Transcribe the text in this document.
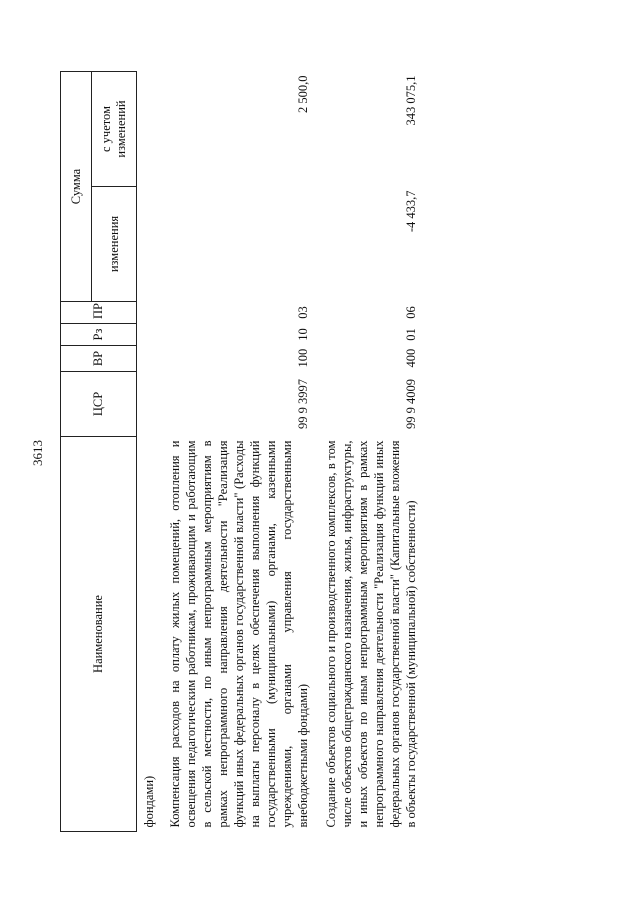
3613
Наименование	ЦСР	ВР	Рз	ПР	Сумма	
					изменения	с учетом изменений
фондами)						
Компенсация расходов на оплату жилых помещений, отопления и освещения педагогическим работникам, проживающим и работающим в сельской местности, по иным непрограммным мероприятиям в рамках непрограммного направления деятельности "Реализация функций иных федеральных органов государственной власти" (Расходы на выплаты персоналу в целях обеспечения выполнения функций государственными (муниципальными) органами, казенными учреждениями, органами управления государственными внебюджетными фондами)	99 9 3997	100	10	03		2 500,0
Создание объектов социального и производственного комплексов, в том числе объектов общегражданского назначения, жилья, инфраструктуры, и иных объектов по иным непрограммным мероприятиям в рамках непрограммного направления деятельности "Реализация функций иных федеральных органов государственной власти" (Капитальные вложения в объекты государственной (муниципальной) собственности)	99 9 4009	400	01	06	-4 433,7	343 075,1
